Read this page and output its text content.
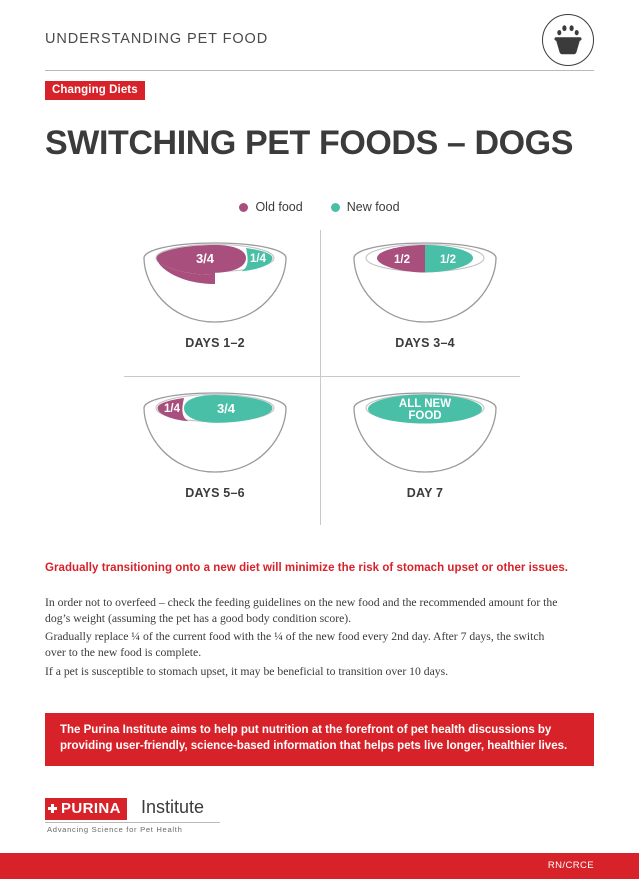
UNDERSTANDING PET FOOD
Changing Diets
SWITCHING PET FOODS – DOGS
Old food	New food
3/4	1/4
DAYS 1–2
1/2	1/2
DAYS 3–4
1/4	3/4
DAYS 5–6
ALL NEW
FOOD
DAY 7
Gradually transitioning onto a new diet will minimize the risk of stomach upset or other issues.
In order not to overfeed – check the feeding guidelines on the new food and the recommended amount for the dog’s weight (assuming the pet has a good body condition score).
Gradually replace ¼ of the current food with the ¼ of the new food every 2nd day. After 7 days, the switch over to the new food is complete.
If a pet is susceptible to stomach upset, it may be beneficial to transition over 10 days.
The Purina Institute aims to help put nutrition at the forefront of pet health discussions by providing user-friendly, science-based information that helps pets live longer, healthier lives.
PURINA	Institute
Advancing Science for Pet Health
RN/CRCE
